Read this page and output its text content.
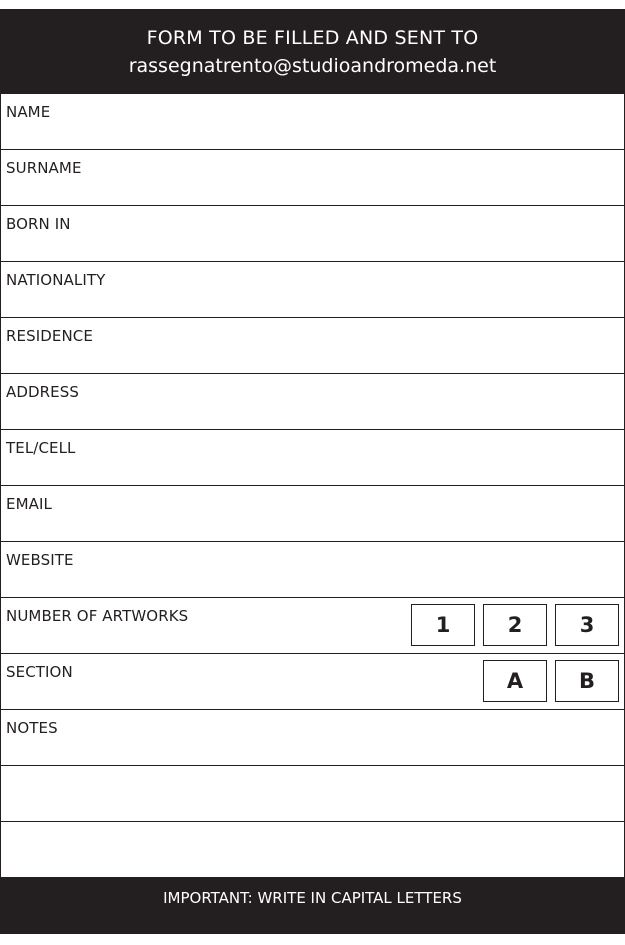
FORM TO BE FILLED AND SENT TO
rassegnatrento@studioandromeda.net
NAME
SURNAME
BORN IN
NATIONALITY
RESIDENCE
ADDRESS
TEL/CELL
EMAIL
WEBSITE
NUMBER OF ARTWORKS	1	2	3
SECTION	A	B
NOTES
IMPORTANT: WRITE IN CAPITAL LETTERS
